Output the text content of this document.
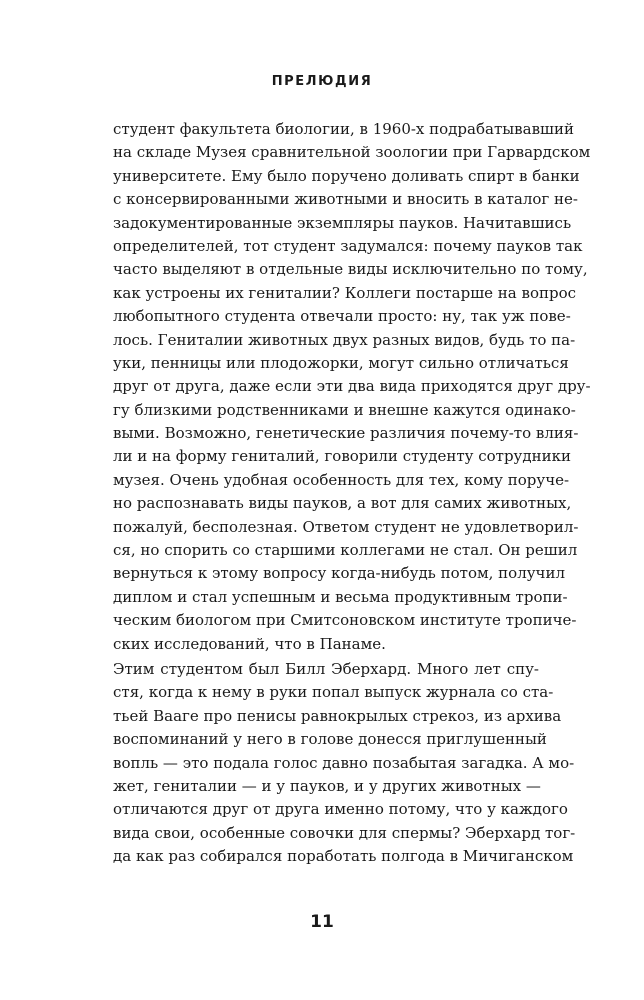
ПРЕЛЮДИЯ
студент факультета биологии, в 1960-х подрабатывавший
на складе Музея сравнительной зоологии при Гарвардском
университете. Ему было поручено доливать спирт в банки
с консервированными животными и вносить в каталог не-
задокументированные экземпляры пауков. Начитавшись
определителей, тот студент задумался: почему пауков так
часто выделяют в отдельные виды исключительно по тому,
как устроены их гениталии? Коллеги постарше на вопрос
любопытного студента отвечали просто: ну, так уж пове-
лось. Гениталии животных двух разных видов, будь то па-
уки, пенницы или плодожорки, могут сильно отличаться
друг от друга, даже если эти два вида приходятся друг дру-
гу близкими родственниками и внешне кажутся одинако-
выми. Возможно, генетические различия почему-то влия-
ли и на форму гениталий, говорили студенту сотрудники
музея. Очень удобная особенность для тех, кому поруче-
но распознавать виды пауков, а вот для самих животных,
пожалуй, бесполезная. Ответом студент не удовлетворил-
ся, но спорить со старшими коллегами не стал. Он решил
вернуться к этому вопросу когда-нибудь потом, получил
диплом и стал успешным и весьма продуктивным тропи-
ческим биологом при Смитсоновском институте тропиче-
ских исследований, что в Панаме.
Этим студентом был Билл Эберхард. Много лет спу-
стя, когда к нему в руки попал выпуск журнала со ста-
тьей Вааге про пенисы равнокрылых стрекоз, из архива
воспоминаний у него в голове донесся приглушенный
вопль — это подала голос давно позабытая загадка. А мо-
жет, гениталии — и у пауков, и у других животных —
отличаются друг от друга именно потому, что у каждого
вида свои, особенные совочки для спермы? Эберхард тог-
да как раз собирался поработать полгода в Мичиганском
11
